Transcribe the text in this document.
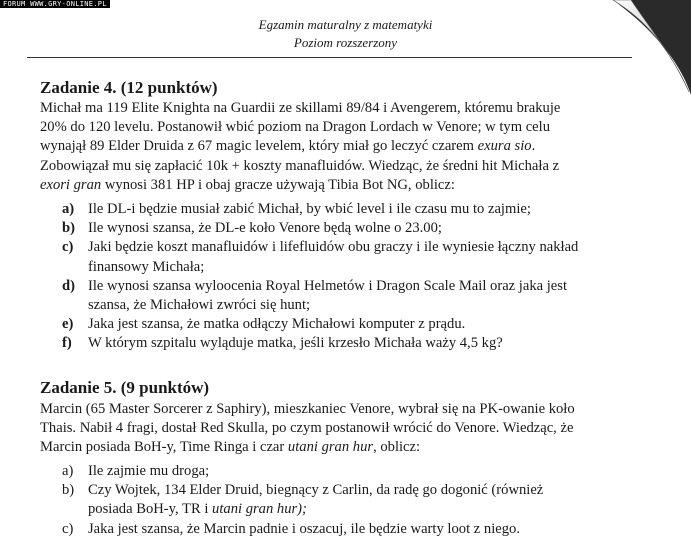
FORUM WWW.GRY-ONLINE.PL
Egzamin maturalny z matematyki
Poziom rozszerzony
Zadanie 4. (12 punktów)
Michał ma 119 Elite Knighta na Guardii ze skillami 89/84 i Avengerem, któremu brakuje
20% do 120 levelu. Postanowił wbić poziom na Dragon Lordach w Venore; w tym celu
wynajął 89 Elder Druida z 67 magic levelem, który miał go leczyć czarem exura sio.
Zobowiązał mu się zapłacić 10k + koszty manafluidów. Wiedząc, że średni hit Michała z
exori gran wynosi 381 HP i obaj gracze używają Tibia Bot NG, oblicz:
a) Ile DL-i będzie musiał zabić Michał, by wbić level i ile czasu mu to zajmie;
b) Ile wynosi szansa, że DL-e koło Venore będą wolne o 23.00;
c) Jaki będzie koszt manafluidów i lifefluidów obu graczy i ile wyniesie łączny nakład
finansowy Michała;
d) Ile wynosi szansa wyloocenia Royal Helmetów i Dragon Scale Mail oraz jaka jest
szansa, że Michałowi zwróci się hunt;
e) Jaka jest szansa, że matka odłączy Michałowi komputer z prądu.
f) W którym szpitalu wyląduje matka, jeśli krzesło Michała waży 4,5 kg?
Zadanie 5. (9 punktów)
Marcin (65 Master Sorcerer z Saphiry), mieszkaniec Venore, wybrał się na PK-owanie koło
Thais. Nabił 4 fragi, dostał Red Skulla, po czym postanowił wrócić do Venore. Wiedząc, że
Marcin posiada BoH-y, Time Ringa i czar utani gran hur, oblicz:
a) Ile zajmie mu droga;
b) Czy Wojtek, 134 Elder Druid, biegnący z Carlin, da radę go dogonić (również
posiada BoH-y, TR i utani gran hur);
c) Jaka jest szansa, że Marcin padnie i oszacuj, ile będzie warty loot z niego.
